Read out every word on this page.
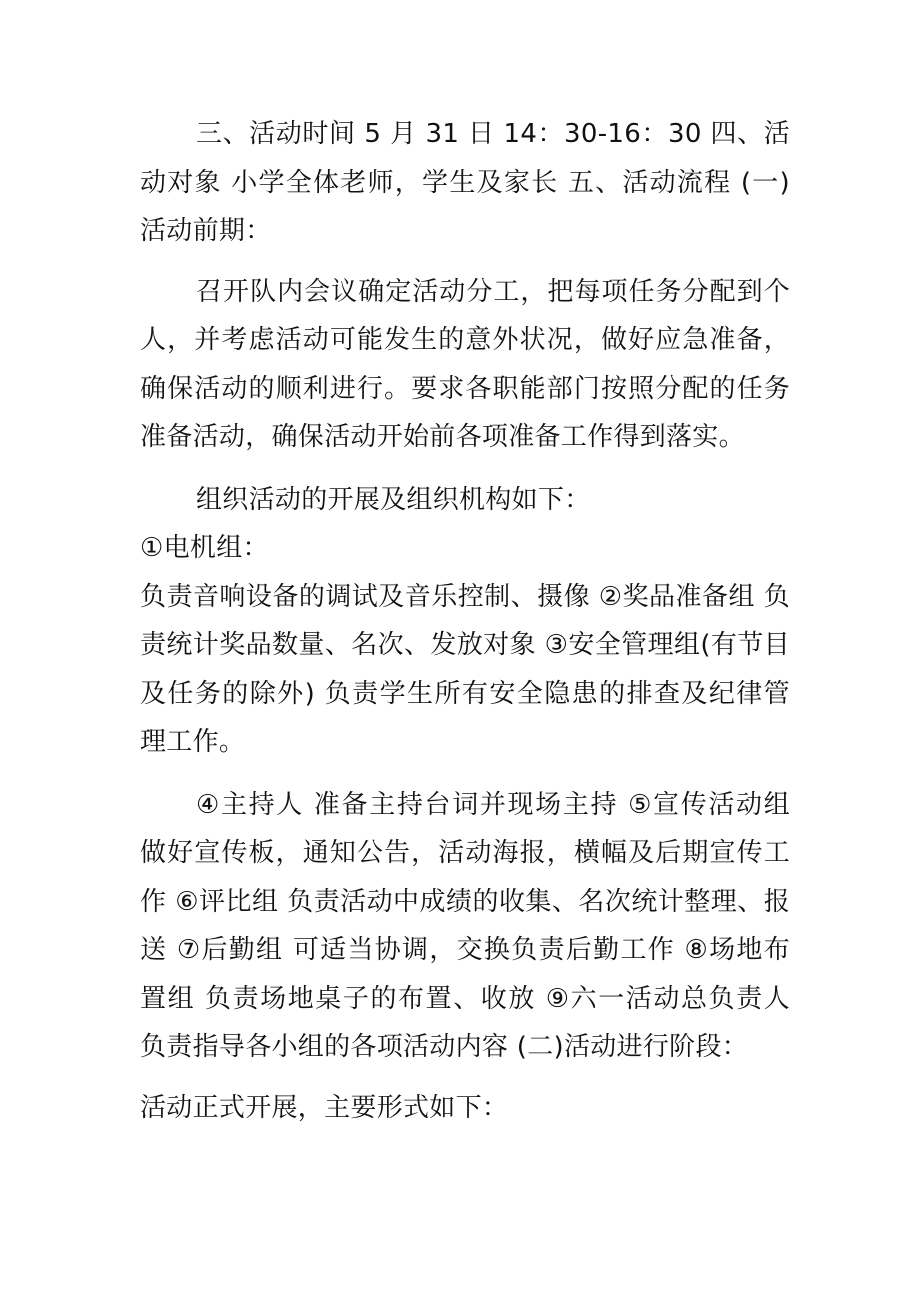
三、活动时间 5 月 31 日 14：30-16：30 四、活动对象 小学全体老师，学生及家长 五、活动流程 (一)活动前期：

召开队内会议确定活动分工，把每项任务分配到个人，并考虑活动可能发生的意外状况，做好应急准备，确保活动的顺利进行。要求各职能部门按照分配的任务准备活动，确保活动开始前各项准备工作得到落实。

组织活动的开展及组织机构如下：

①电机组：

负责音响设备的调试及音乐控制、摄像 ②奖品准备组 负责统计奖品数量、名次、发放对象 ③安全管理组(有节目及任务的除外) 负责学生所有安全隐患的排查及纪律管理工作。

④主持人 准备主持台词并现场主持 ⑤宣传活动组 做好宣传板，通知公告，活动海报，横幅及后期宣传工作 ⑥评比组 负责活动中成绩的收集、名次统计整理、报送 ⑦后勤组 可适当协调，交换负责后勤工作 ⑧场地布置组 负责场地桌子的布置、收放 ⑨六一活动总负责人 负责指导各小组的各项活动内容 (二)活动进行阶段：

活动正式开展，主要形式如下：
